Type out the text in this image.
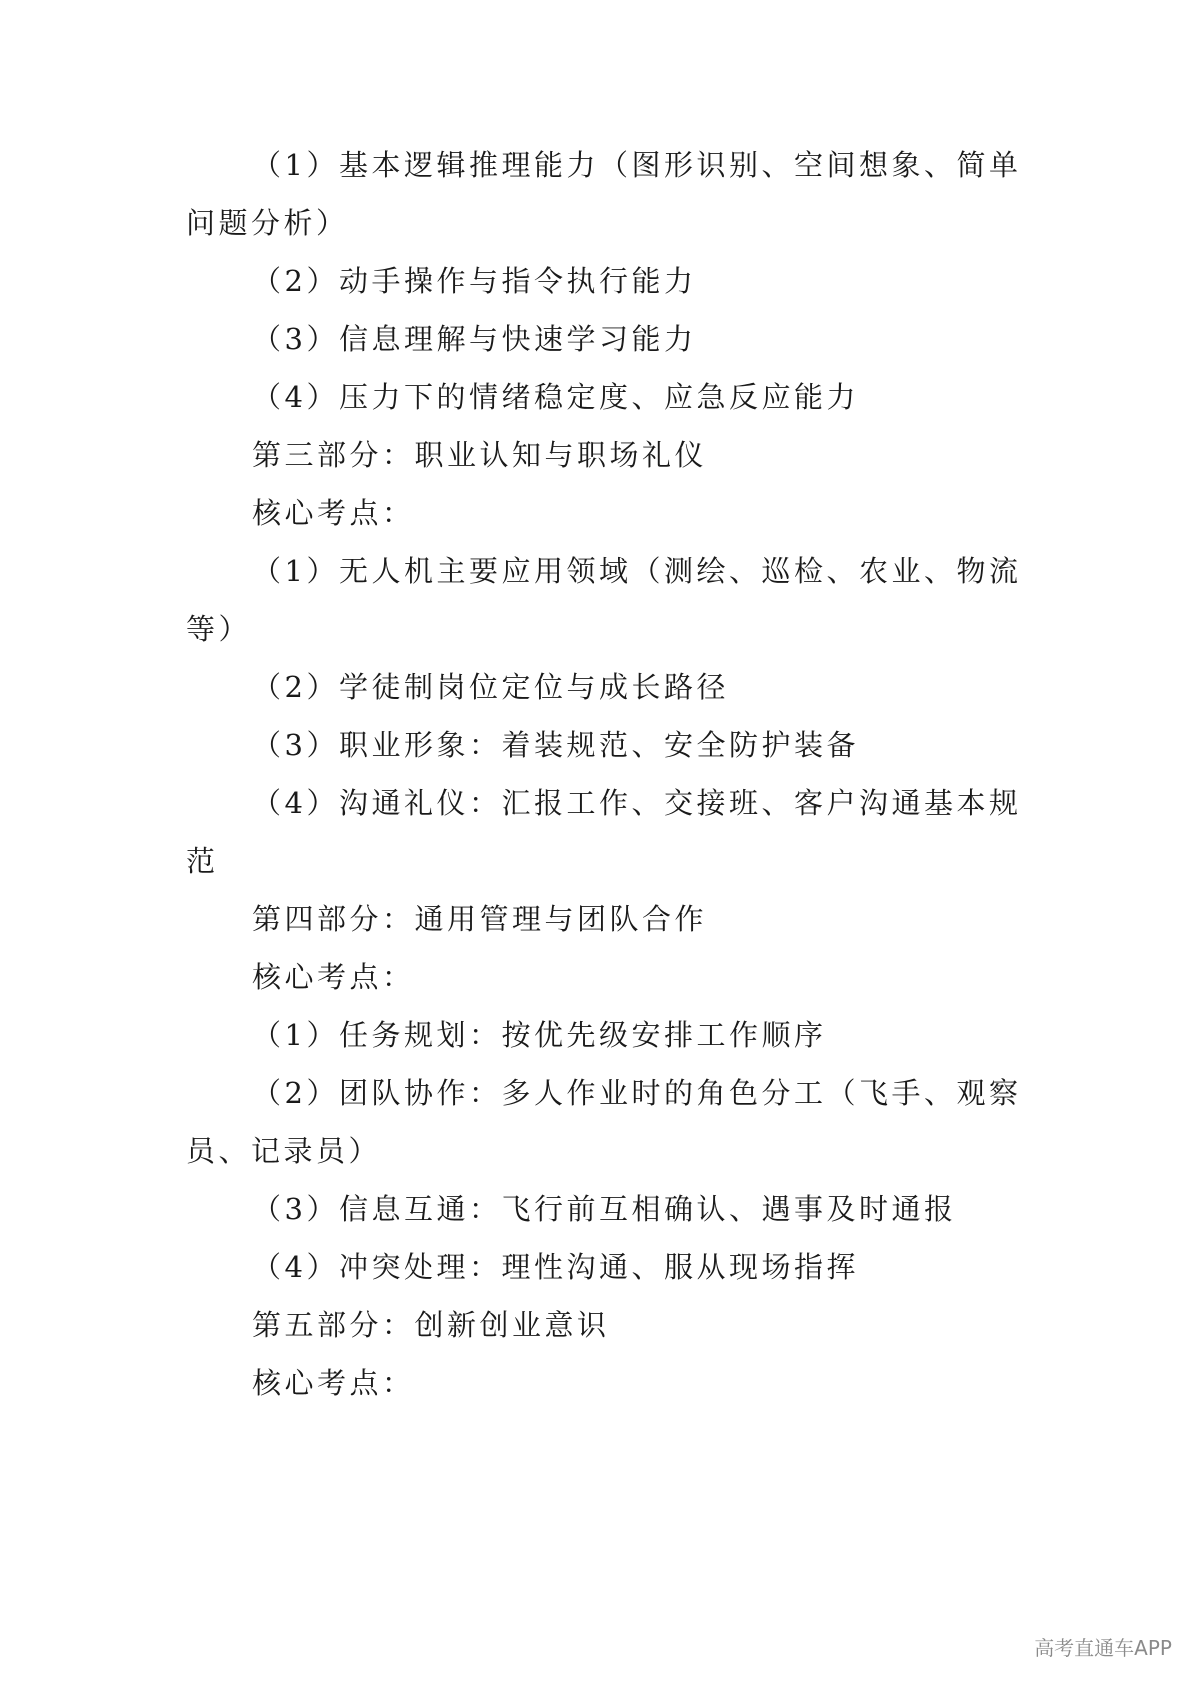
（1）基本逻辑推理能力（图形识别、空间想象、简单
问题分析）
（2）动手操作与指令执行能力
（3）信息理解与快速学习能力
（4）压力下的情绪稳定度、应急反应能力
第三部分：职业认知与职场礼仪
核心考点：
（1）无人机主要应用领域（测绘、巡检、农业、物流
等）
（2）学徒制岗位定位与成长路径
（3）职业形象：着装规范、安全防护装备
（4）沟通礼仪：汇报工作、交接班、客户沟通基本规
范
第四部分：通用管理与团队合作
核心考点：
（1）任务规划：按优先级安排工作顺序
（2）团队协作：多人作业时的角色分工（飞手、观察
员、记录员）
（3）信息互通：飞行前互相确认、遇事及时通报
（4）冲突处理：理性沟通、服从现场指挥
第五部分：创新创业意识
核心考点：
高考直通车APP
